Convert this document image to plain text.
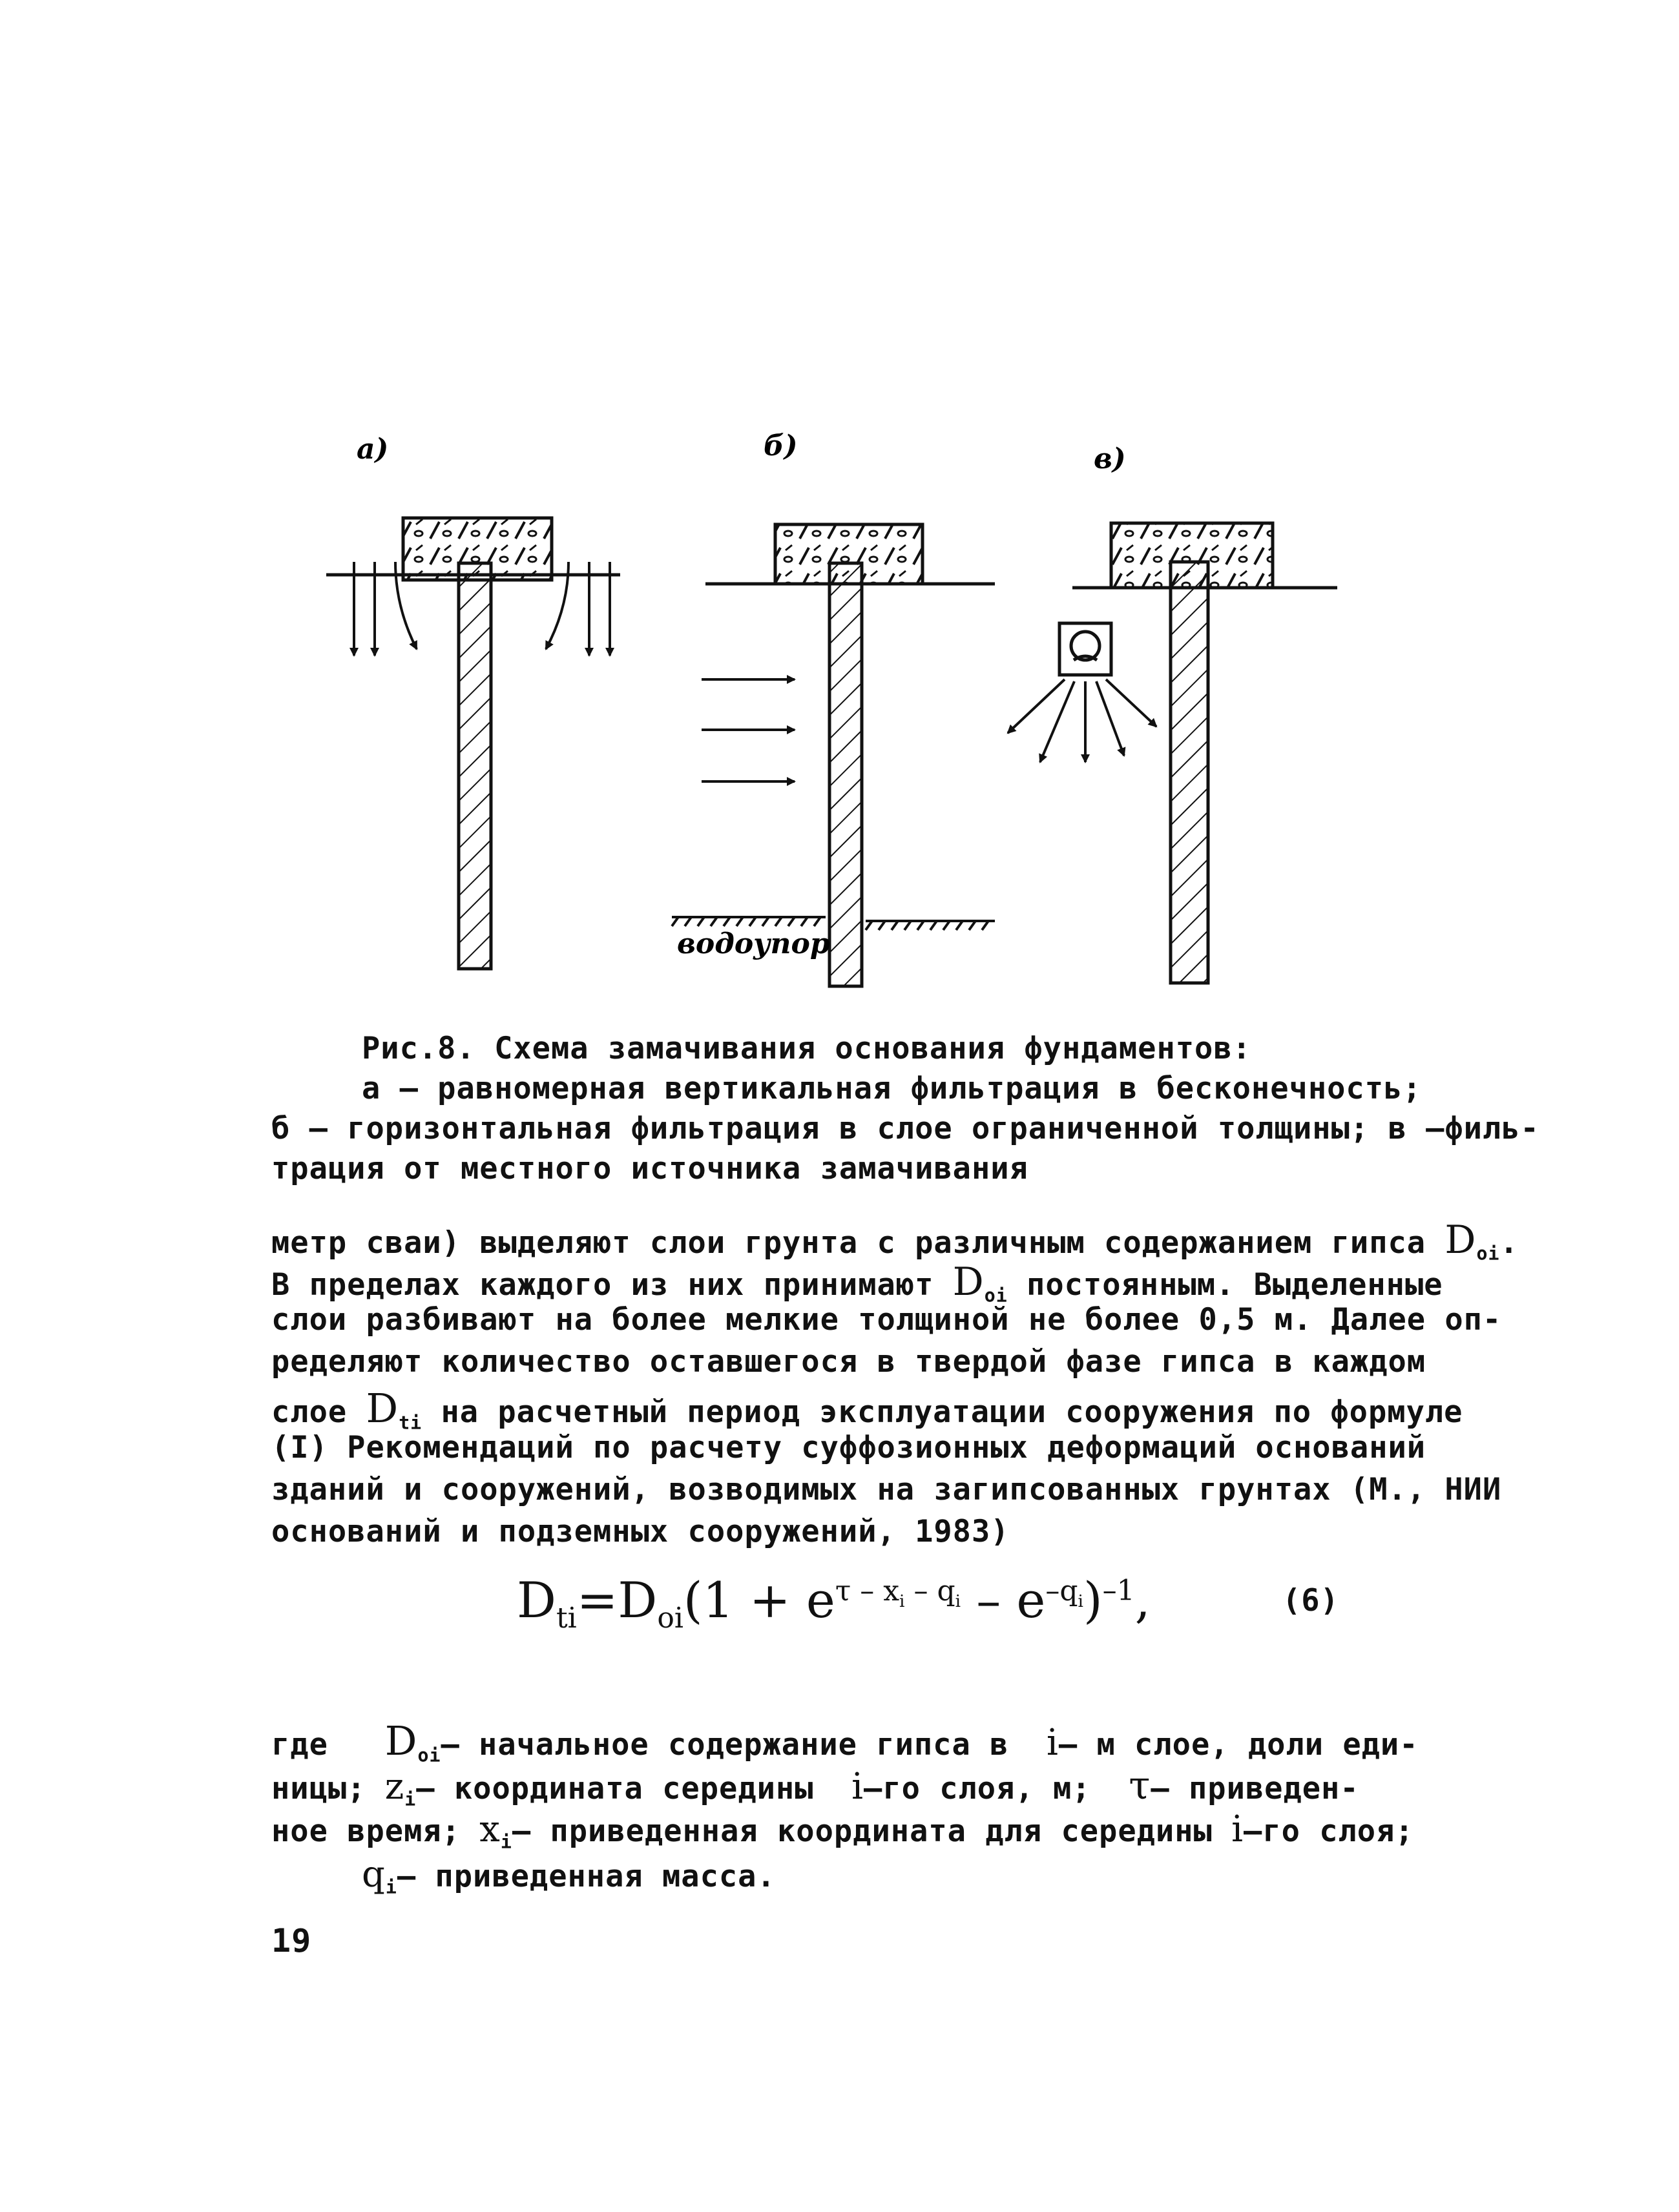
а)	б)
водоупор
в)
Рис.8. Схема замачивания основания фундаментов:
а – равномерная вертикальная фильтрация в бесконечность;
б – горизонтальная фильтрация в слое ограниченной толщины; в –филь-
трация от местного источника замачивания
метр сваи) выделяют слои грунта с различным содержанием гипса $D_{oi}$.
В пределах каждого из них принимают $D_{oi}$ постоянным. Выделенные
слои разбивают на более мелкие толщиной не более 0,5 м. Далее оп-
ределяют количество оставшегося в твердой фазе гипса в каждом
слое $D_{ti}$ на расчетный период эксплуатации сооружения по формуле
(I) Рекомендаций по расчету суффозионных деформаций оснований
зданий и сооружений, возводимых на загипсованных грунтах (М., НИИ
оснований и подземных сооружений, 1983)
$D_{ti}=D_{oi}(1 + e^{\tau - x_i - q_i} - e^{-q_i})^{-1}$,	(6)
где $D_{oi}-$ начальное содержание гипса в i– м слое, доли еди-
ницы; $z_i-$ координата середины i–го слоя, м; τ– приведен-
ное время; $x_i-$ приведенная координата для середины i–го слоя;
$q_i-$ приведенная масса.
19
